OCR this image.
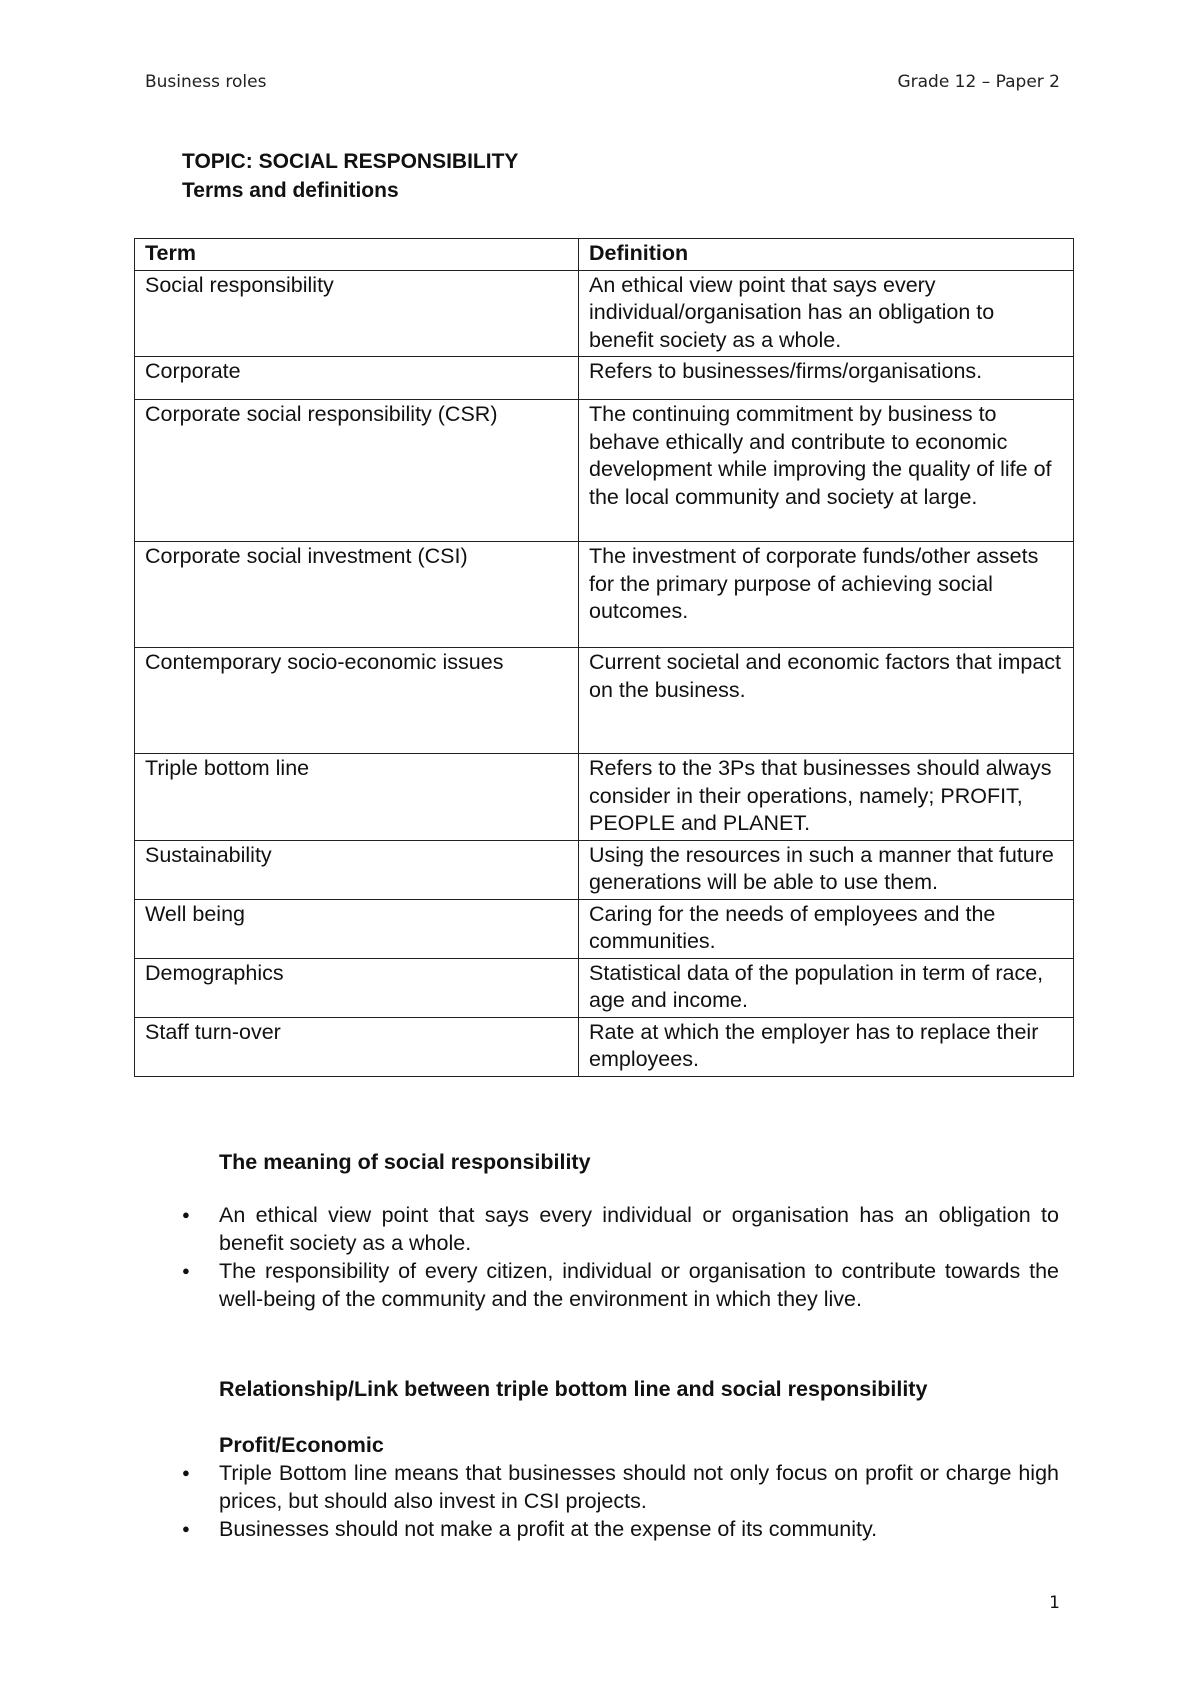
Business roles	Grade 12 – Paper 2
TOPIC: SOCIAL RESPONSIBILITY
Terms and definitions
Term	Definition
Social responsibility	An ethical view point that says every individual/organisation has an obligation to benefit society as a whole.
Corporate	Refers to businesses/firms/organisations.
Corporate social responsibility (CSR)	The continuing commitment by business to behave ethically and contribute to economic development while improving the quality of life of the local community and society at large.
Corporate social investment (CSI)	The investment of corporate funds/other assets for the primary purpose of achieving social outcomes.
Contemporary socio-economic issues	Current societal and economic factors that impact on the business.
Triple bottom line	Refers to the 3Ps that businesses should always consider in their operations, namely; PROFIT, PEOPLE and PLANET.
Sustainability	Using the resources in such a manner that future generations will be able to use them.
Well being	Caring for the needs of employees and the communities.
Demographics	Statistical data of the population in term of race, age and income.
Staff turn-over	Rate at which the employer has to replace their employees.
The meaning of social responsibility
● An ethical view point that says every individual or organisation has an obligation to benefit society as a whole.
● The responsibility of every citizen, individual or organisation to contribute towards the well-being of the community and the environment in which they live.
Relationship/Link between triple bottom line and social responsibility
Profit/Economic
● Triple Bottom line means that businesses should not only focus on profit or charge high prices, but should also invest in CSI projects.
● Businesses should not make a profit at the expense of its community.
1
